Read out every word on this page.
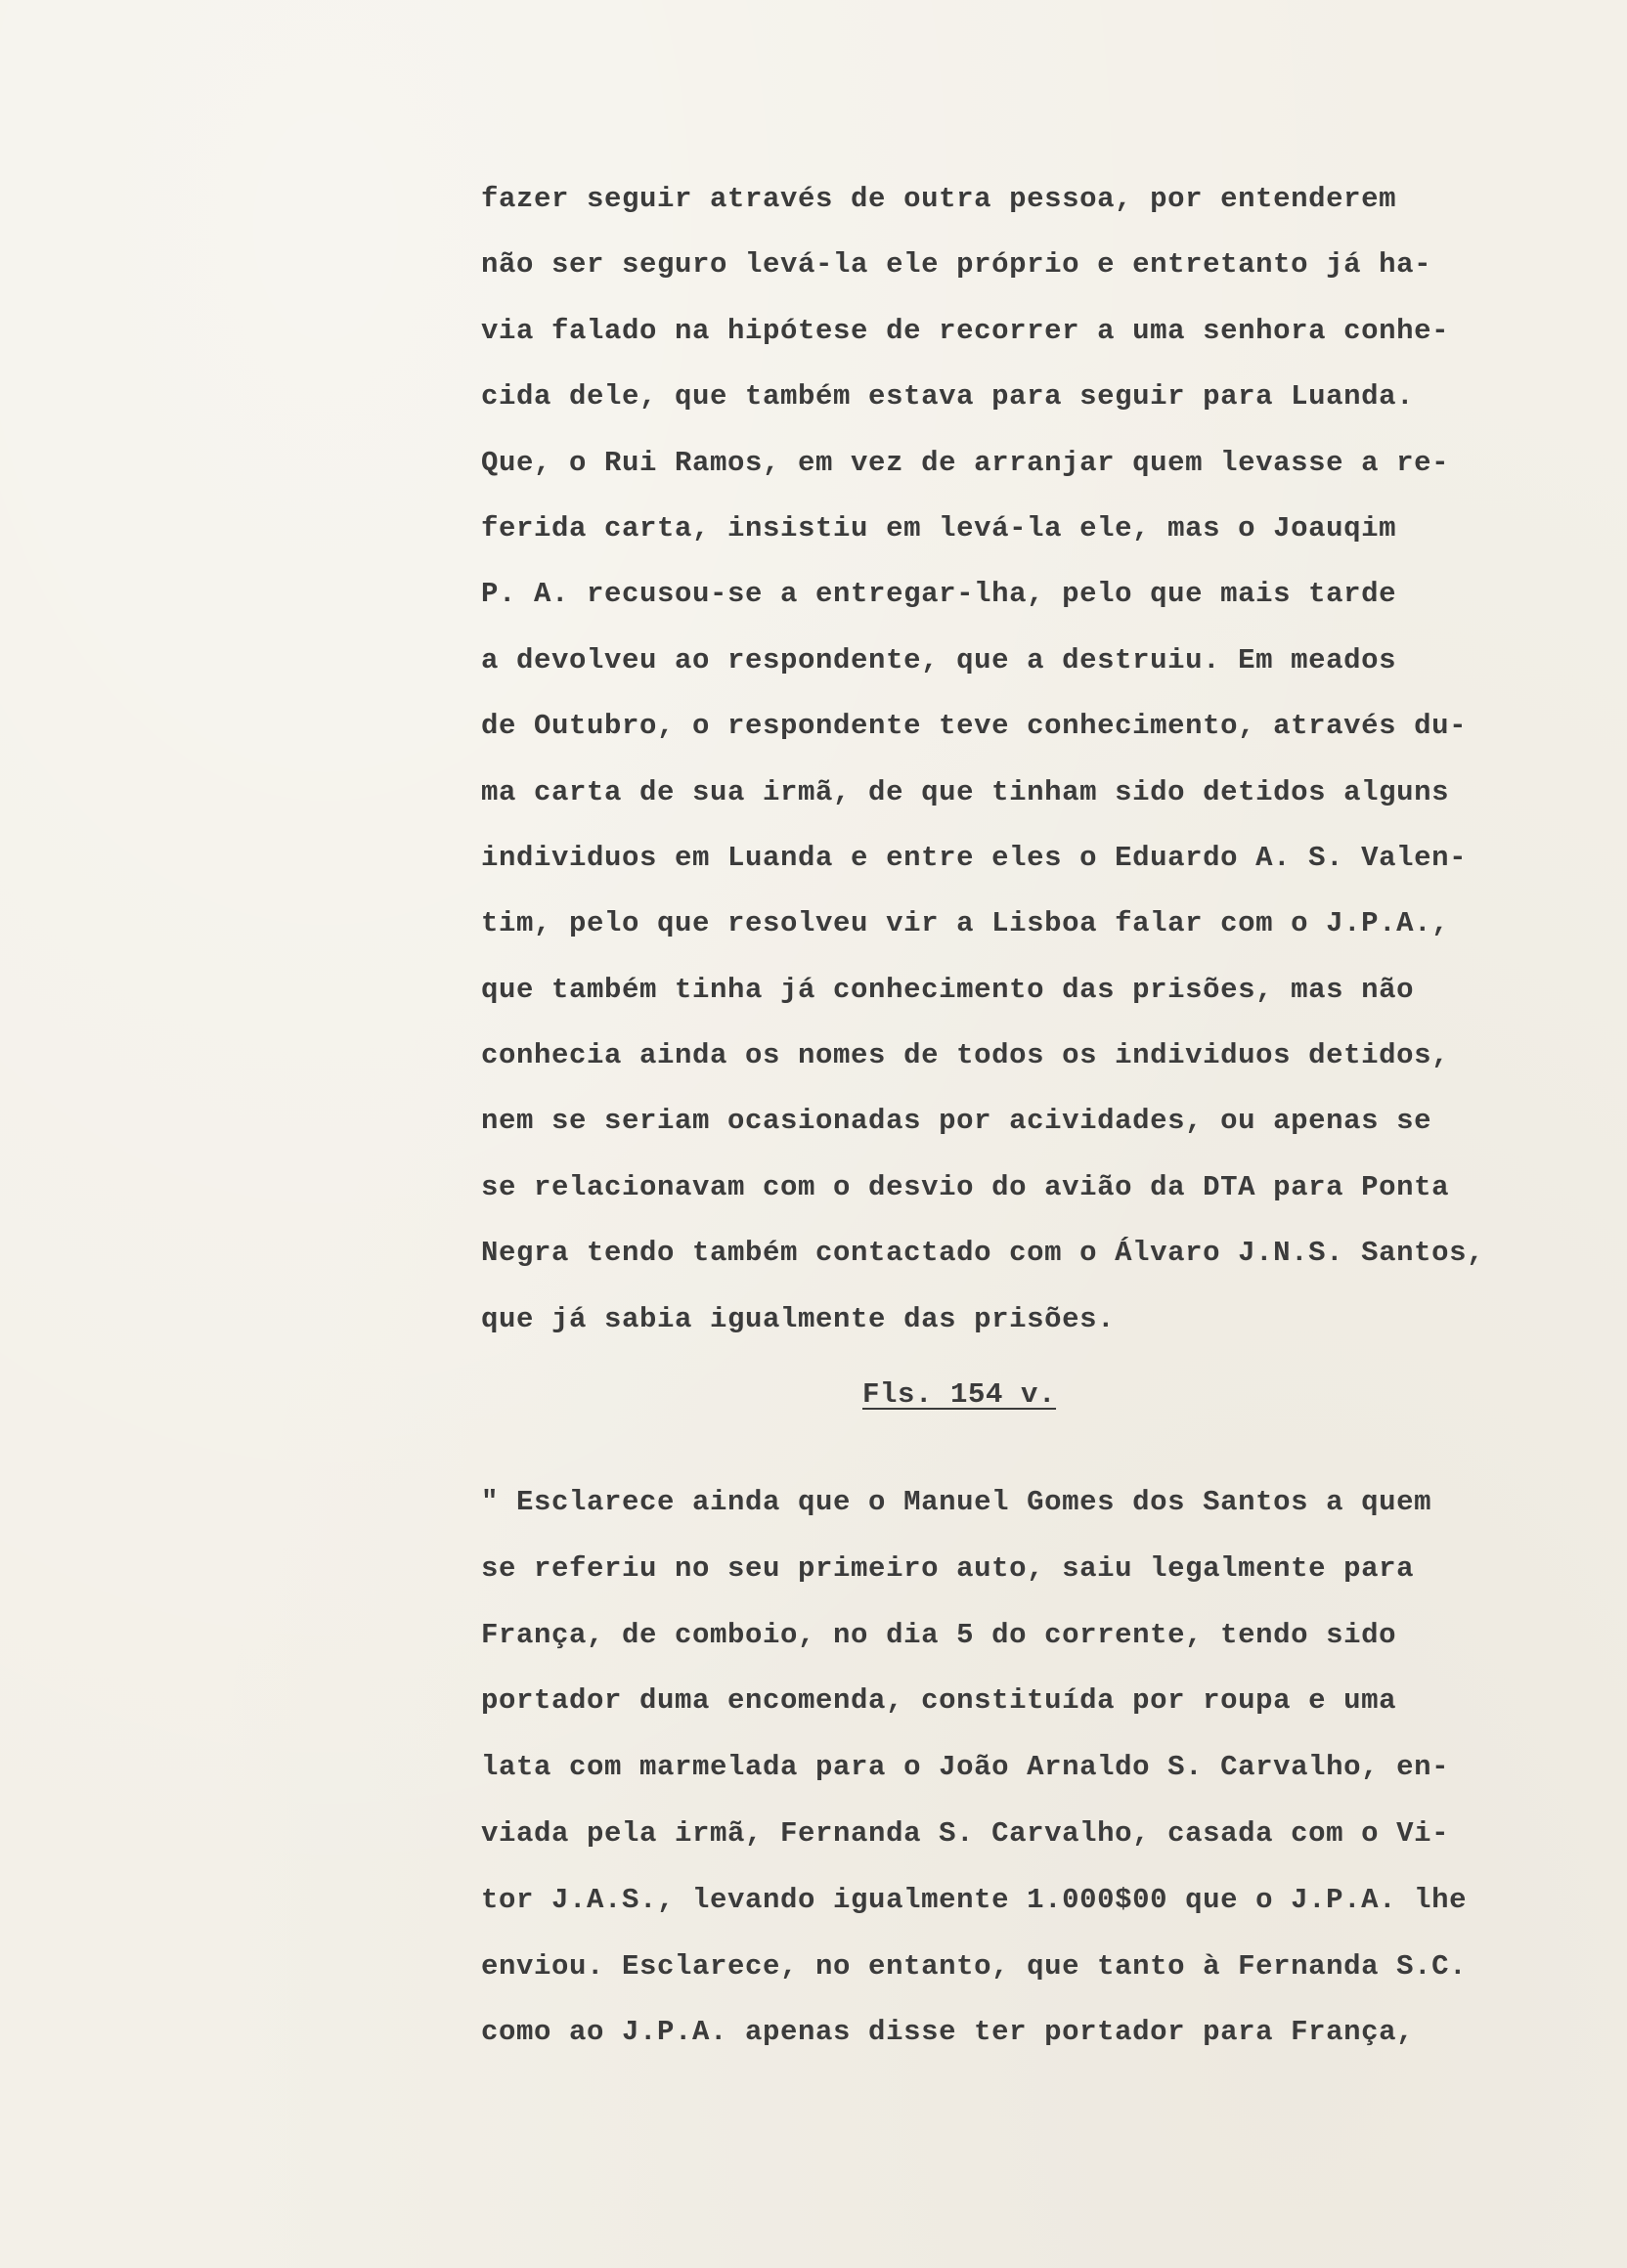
fazer seguir através de outra pessoa, por entenderem
não ser seguro levá-la ele próprio e entretanto já ha-
via falado na hipótese de recorrer a uma senhora conhe-
cida dele, que também estava para seguir para Luanda.
Que, o Rui Ramos, em vez de arranjar quem levasse a re-
ferida carta, insistiu em levá-la ele, mas o Joauqim
P. A. recusou-se a entregar-lha, pelo que mais tarde
a devolveu ao respondente, que a destruiu. Em meados
de Outubro, o respondente teve conhecimento, através du-
ma carta de sua irmã, de que tinham sido detidos alguns
individuos em Luanda e entre eles o Eduardo A. S. Valen-
tim, pelo que resolveu vir a Lisboa falar com o J.P.A.,
que também tinha já conhecimento das prisões, mas não
conhecia ainda os nomes de todos os individuos detidos,
nem se seriam ocasionadas por acividades, ou apenas se
se relacionavam com o desvio do avião da DTA para Ponta
Negra tendo também contactado com o Álvaro J.N.S. Santos,
que já sabia igualmente das prisões.
Fls. 154 v.
" Esclarece ainda que o Manuel Gomes dos Santos a quem
se referiu no seu primeiro auto, saiu legalmente para
França, de comboio, no dia 5 do corrente, tendo sido
portador duma encomenda, constituída por roupa e uma
lata com marmelada para o João Arnaldo S. Carvalho, en-
viada pela irmã, Fernanda S. Carvalho, casada com o Vi-
tor J.A.S., levando igualmente 1.000$00 que o J.P.A. lhe
enviou. Esclarece, no entanto, que tanto à Fernanda S.C.
como ao J.P.A. apenas disse ter portador para França,
